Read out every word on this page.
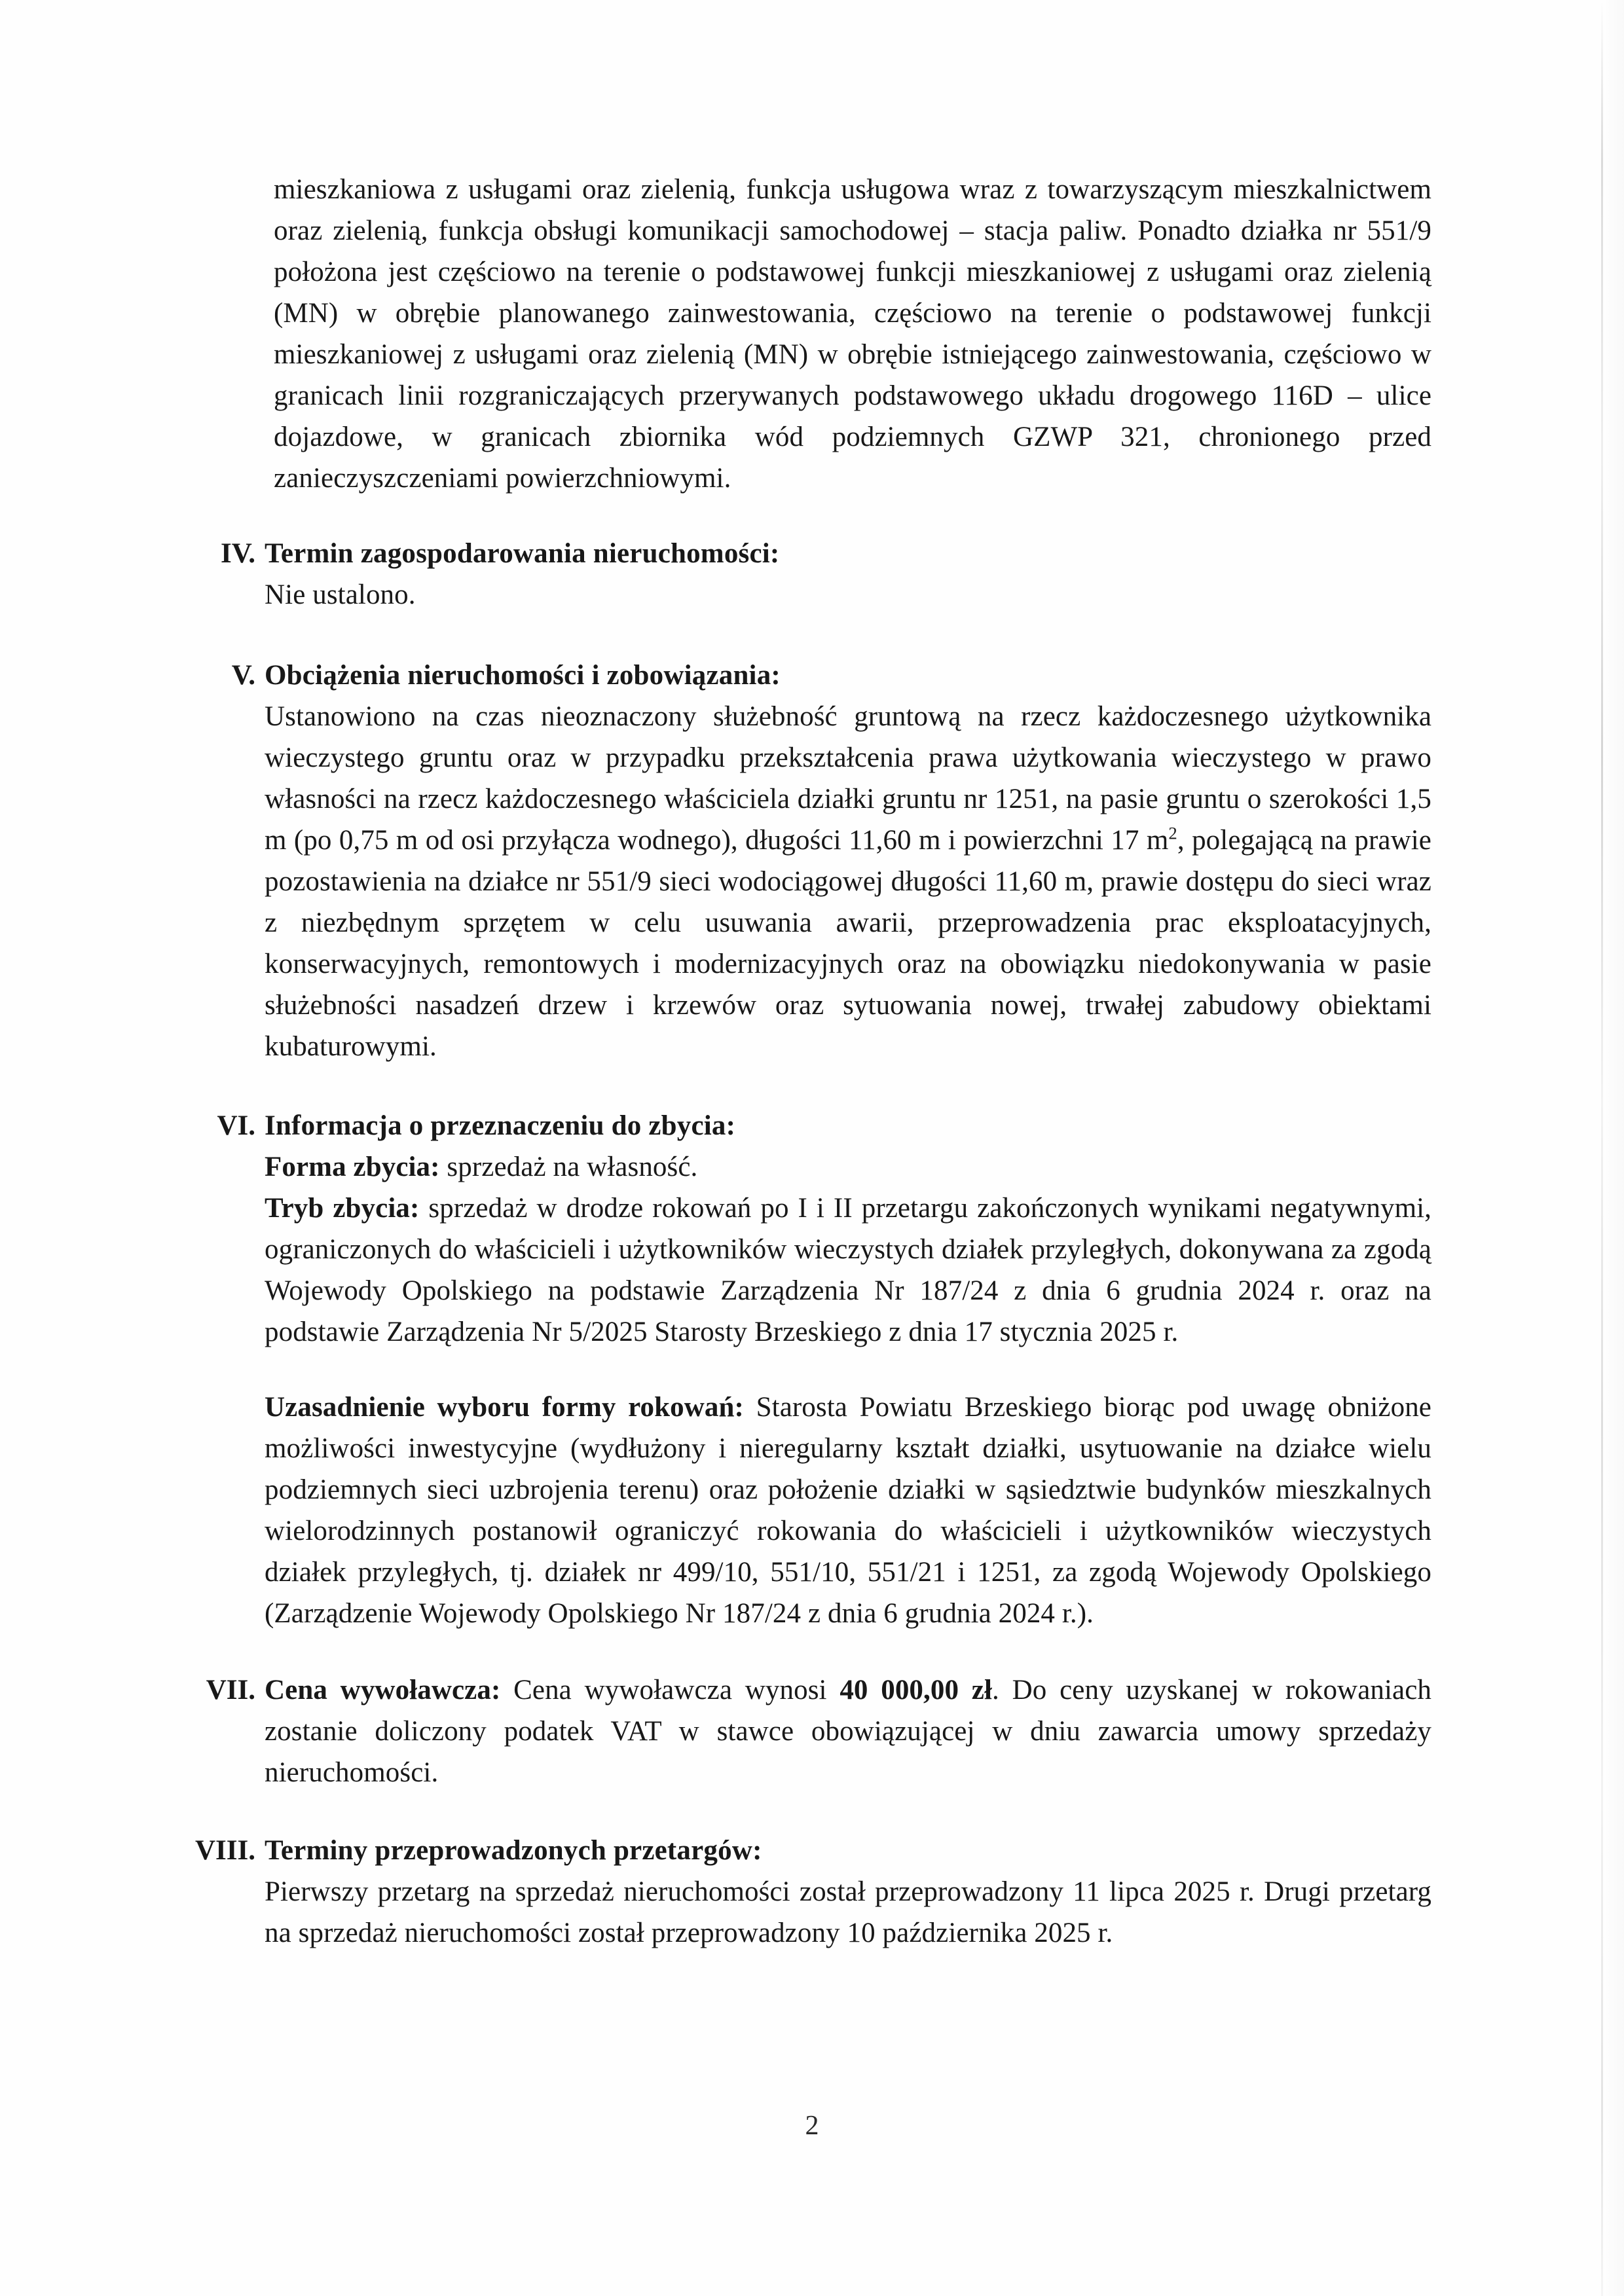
mieszkaniowa z usługami oraz zielenią, funkcja usługowa wraz z towarzyszącym mieszkalnictwem oraz zielenią, funkcja obsługi komunikacji samochodowej – stacja paliw. Ponadto działka nr 551/9 położona jest częściowo na terenie o podstawowej funkcji mieszkaniowej z usługami oraz zielenią (MN) w obrębie planowanego zainwestowania, częściowo na terenie o podstawowej funkcji mieszkaniowej z usługami oraz zielenią (MN) w obrębie istniejącego zainwestowania, częściowo w granicach linii rozgraniczających przerywanych podstawowego układu drogowego 116D – ulice dojazdowe, w granicach zbiornika wód podziemnych GZWP 321, chronionego przed zanieczyszczeniami powierzchniowymi.

IV. Termin zagospodarowania nieruchomości:

Nie ustalono.

V. Obciążenia nieruchomości i zobowiązania:

Ustanowiono na czas nieoznaczony służebność gruntową na rzecz każdoczesnego użytkownika wieczystego gruntu oraz w przypadku przekształcenia prawa użytkowania wieczystego w prawo własności na rzecz każdoczesnego właściciela działki gruntu nr 1251, na pasie gruntu o szerokości 1,5 m (po 0,75 m od osi przyłącza wodnego), długości 11,60 m i powierzchni 17 $m^2$, polegającą na prawie pozostawienia na działce nr 551/9 sieci wodociągowej długości 11,60 m, prawie dostępu do sieci wraz z niezbędnym sprzętem w celu usuwania awarii, przeprowadzenia prac eksploatacyjnych, konserwacyjnych, remontowych i modernizacyjnych oraz na obowiązku niedokonywania w pasie służebności nasadzeń drzew i krzewów oraz sytuowania nowej, trwałej zabudowy obiektami kubaturowymi.

VI. Informacja o przeznaczeniu do zbycia:

Forma zbycia: sprzedaż na własność.

Tryb zbycia: sprzedaż w drodze rokowań po I i II przetargu zakończonych wynikami negatywnymi, ograniczonych do właścicieli i użytkowników wieczystych działek przyległych, dokonywana za zgodą Wojewody Opolskiego na podstawie Zarządzenia Nr 187/24 z dnia 6 grudnia 2024 r. oraz na podstawie Zarządzenia Nr 5/2025 Starosty Brzeskiego z dnia 17 stycznia 2025 r.

Uzasadnienie wyboru formy rokowań: Starosta Powiatu Brzeskiego biorąc pod uwagę obniżone możliwości inwestycyjne (wydłużony i nieregularny kształt działki, usytuowanie na działce wielu podziemnych sieci uzbrojenia terenu) oraz położenie działki w sąsiedztwie budynków mieszkalnych wielorodzinnych postanowił ograniczyć rokowania do właścicieli i użytkowników wieczystych działek przyległych, tj. działek nr 499/10, 551/10, 551/21 i 1251, za zgodą Wojewody Opolskiego (Zarządzenie Wojewody Opolskiego Nr 187/24 z dnia 6 grudnia 2024 r.).

VII. Cena wywoławcza: Cena wywoławcza wynosi 40 000,00 zł. Do ceny uzyskanej w rokowaniach zostanie doliczony podatek VAT w stawce obowiązującej w dniu zawarcia umowy sprzedaży nieruchomości.

VIII. Terminy przeprowadzonych przetargów:

Pierwszy przetarg na sprzedaż nieruchomości został przeprowadzony 11 lipca 2025 r. Drugi przetarg na sprzedaż nieruchomości został przeprowadzony 10 października 2025 r.

2
